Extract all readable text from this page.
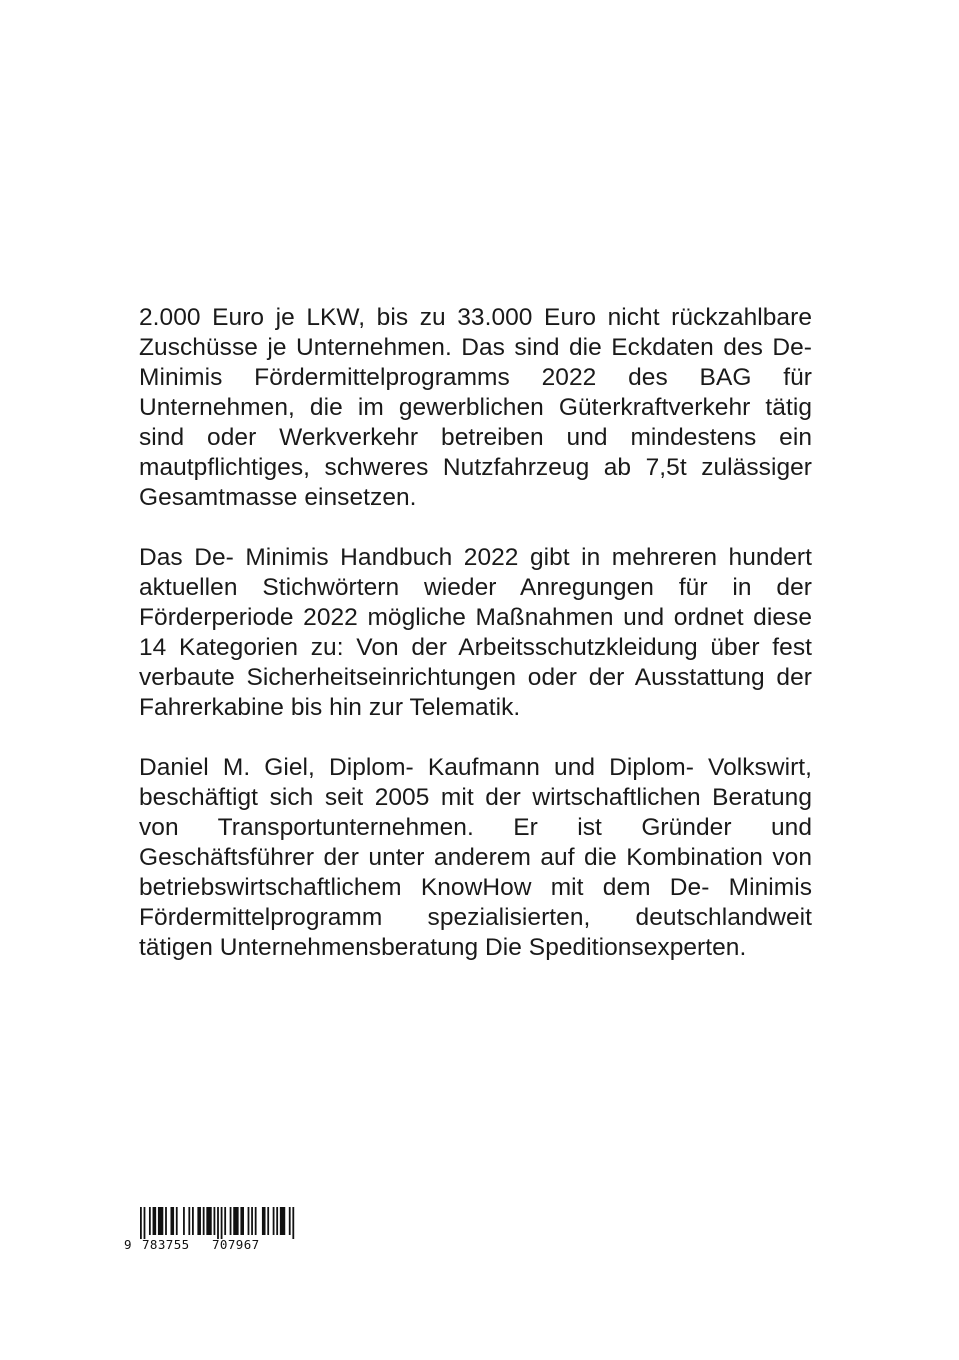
2.000 Euro je LKW, bis zu 33.000 Euro nicht rückzahlbare Zuschüsse je Unternehmen. Das sind die Eckdaten des De- Minimis Fördermittelprogramms 2022 des BAG für Unternehmen, die im gewerblichen Güterkraftverkehr tätig sind oder Werkverkehr betreiben und mindestens ein mautpflichtiges, schweres Nutzfahrzeug ab 7,5t zulässiger Gesamtmasse einsetzen.

Das De- Minimis Handbuch 2022 gibt in mehreren hundert aktuellen Stichwörtern wieder Anregungen für in der Förderperiode 2022 mögliche Maßnahmen und ordnet diese 14 Kategorien zu: Von der Arbeitsschutzkleidung über fest verbaute Sicherheitseinrichtungen oder der Ausstattung der Fahrerkabine bis hin zur Telematik.

Daniel M. Giel, Diplom- Kaufmann und Diplom- Volkswirt, beschäftigt sich seit 2005 mit der wirtschaftlichen Beratung von Transportunternehmen. Er ist Gründer und Geschäftsführer der unter anderem auf die Kombination von betriebswirtschaftlichem KnowHow mit dem De- Minimis Fördermittelprogramm spezialisierten, deutschlandweit tätigen Unternehmensberatung Die Speditionsexperten.

9 783755 707967
